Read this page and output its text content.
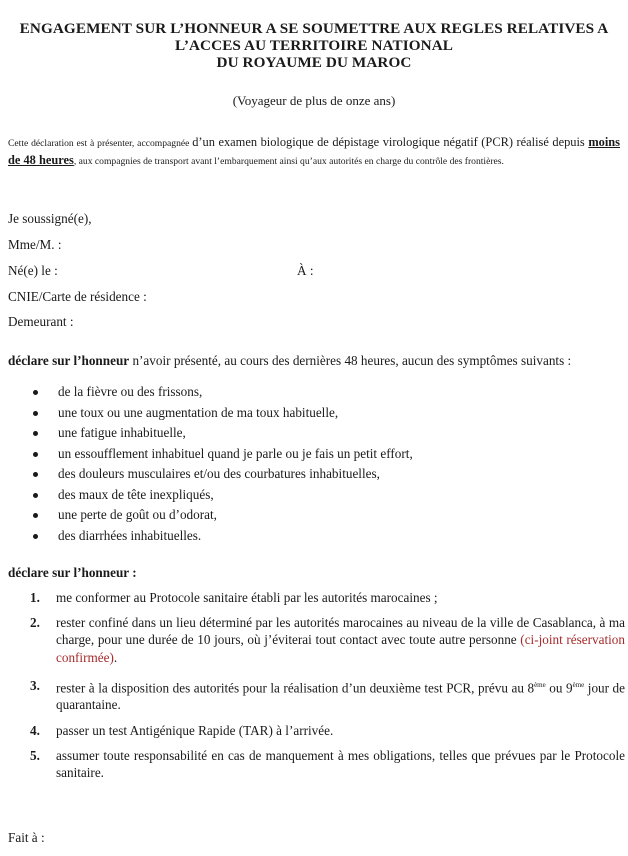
ENGAGEMENT SUR L’HONNEUR A SE SOUMETTRE AUX REGLES RELATIVES A
L’ACCES AU TERRITOIRE NATIONAL
DU ROYAUME DU MAROC
(Voyageur de plus de onze ans)
Cette déclaration est à présenter, accompagnée d’un examen biologique de dépistage virologique négatif (PCR) réalisé depuis moins de 48 heures, aux compagnies de transport avant l’embarquement ainsi qu’aux autorités en charge du contrôle des frontières.
Je soussigné(e),
Mme/M. :
Né(e) le :	À :
CNIE/Carte de résidence :
Demeurant :
déclare sur l’honneur n’avoir présenté, au cours des dernières 48 heures, aucun des symptômes suivants :
de la fièvre ou des frissons,
une toux ou une augmentation de ma toux habituelle,
une fatigue inhabituelle,
un essoufflement inhabituel quand je parle ou je fais un petit effort,
des douleurs musculaires et/ou des courbatures inhabituelles,
des maux de tête inexpliqués,
une perte de goût ou d’odorat,
des diarrhées inhabituelles.
déclare sur l’honneur :
1. me conformer au Protocole sanitaire établi par les autorités marocaines ;
2. rester confiné dans un lieu déterminé par les autorités marocaines au niveau de la ville de Casablanca, à ma charge, pour une durée de 10 jours, où j’éviterai tout contact avec toute autre personne (ci-joint réservation confirmée).
3. rester à la disposition des autorités pour la réalisation d’un deuxième test PCR, prévu au 8ème ou 9ème jour de quarantaine.
4. passer un test Antigénique Rapide (TAR) à l’arrivée.
5. assumer toute responsabilité en cas de manquement à mes obligations, telles que prévues par le Protocole sanitaire.
Fait à :
